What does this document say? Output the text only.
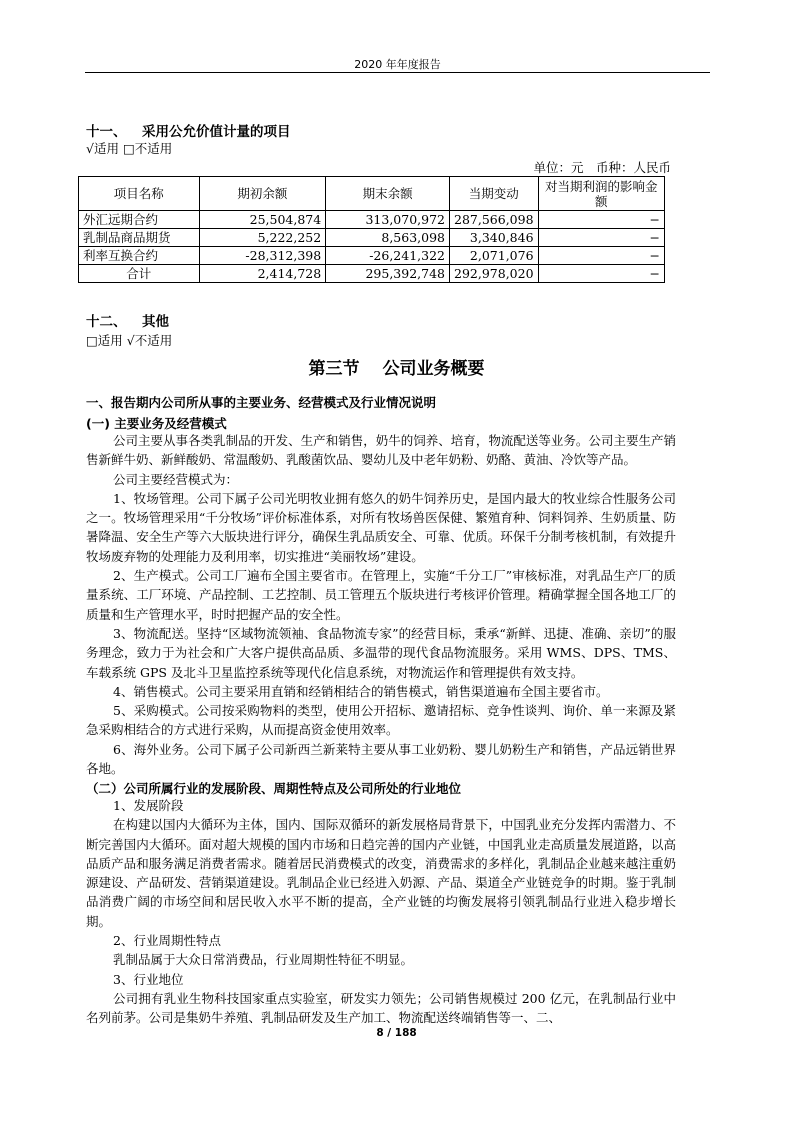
2020 年年度报告
十一、 采用公允价值计量的项目
√适用 □不适用
单位：元　币种：人民币
项目名称	期初余额	期末余额	当期变动	对当期利润的影响金额
外汇远期合约	25,504,874	313,070,972	287,566,098	−
乳制品商品期货	5,222,252	8,563,098	3,340,846	−
利率互换合约	-28,312,398	-26,241,322	2,071,076	−
合计	2,414,728	295,392,748	292,978,020	−
十二、 其他
□适用 √不适用
第三节　 公司业务概要
一、报告期内公司所从事的主要业务、经营模式及行业情况说明
(一) 主要业务及经营模式

公司主要从事各类乳制品的开发、生产和销售，奶牛的饲养、培育，物流配送等业务。公司主要生产销售新鲜牛奶、新鲜酸奶、常温酸奶、乳酸菌饮品、婴幼儿及中老年奶粉、奶酪、黄油、冷饮等产品。

公司主要经营模式为：

1、牧场管理。公司下属子公司光明牧业拥有悠久的奶牛饲养历史，是国内最大的牧业综合性服务公司之一。牧场管理采用“千分牧场”评价标准体系，对所有牧场兽医保健、繁殖育种、饲料饲养、生奶质量、防暑降温、安全生产等六大版块进行评分，确保生乳品质安全、可靠、优质。环保千分制考核机制，有效提升牧场废弃物的处理能力及利用率，切实推进“美丽牧场”建设。

2、生产模式。公司工厂遍布全国主要省市。在管理上，实施“千分工厂”审核标准，对乳品生产厂的质量系统、工厂环境、产品控制、工艺控制、员工管理五个版块进行考核评价管理。精确掌握全国各地工厂的质量和生产管理水平，时时把握产品的安全性。

3、物流配送。坚持“区域物流领袖、食品物流专家”的经营目标，秉承“新鲜、迅捷、准确、亲切”的服务理念，致力于为社会和广大客户提供高品质、多温带的现代食品物流服务。采用 WMS、DPS、TMS、车载系统 GPS 及北斗卫星监控系统等现代化信息系统，对物流运作和管理提供有效支持。

4、销售模式。公司主要采用直销和经销相结合的销售模式，销售渠道遍布全国主要省市。

5、采购模式。公司按采购物料的类型，使用公开招标、邀请招标、竞争性谈判、询价、单一来源及紧急采购相结合的方式进行采购，从而提高资金使用效率。

6、海外业务。公司下属子公司新西兰新莱特主要从事工业奶粉、婴儿奶粉生产和销售，产品远销世界各地。

（二）公司所属行业的发展阶段、周期性特点及公司所处的行业地位

1、发展阶段

在构建以国内大循环为主体，国内、国际双循环的新发展格局背景下，中国乳业充分发挥内需潜力、不断完善国内大循环。面对超大规模的国内市场和日趋完善的国内产业链，中国乳业走高质量发展道路，以高品质产品和服务满足消费者需求。随着居民消费模式的改变，消费需求的多样化，乳制品企业越来越注重奶源建设、产品研发、营销渠道建设。乳制品企业已经进入奶源、产品、渠道全产业链竞争的时期。鉴于乳制品消费广阔的市场空间和居民收入水平不断的提高，全产业链的均衡发展将引领乳制品行业进入稳步增长期。

2、行业周期性特点

乳制品属于大众日常消费品，行业周期性特征不明显。

3、行业地位

公司拥有乳业生物科技国家重点实验室，研发实力领先；公司销售规模过 200 亿元，在乳制品行业中名列前茅。公司是集奶牛养殖、乳制品研发及生产加工、物流配送终端销售等一、二、

8 / 188
